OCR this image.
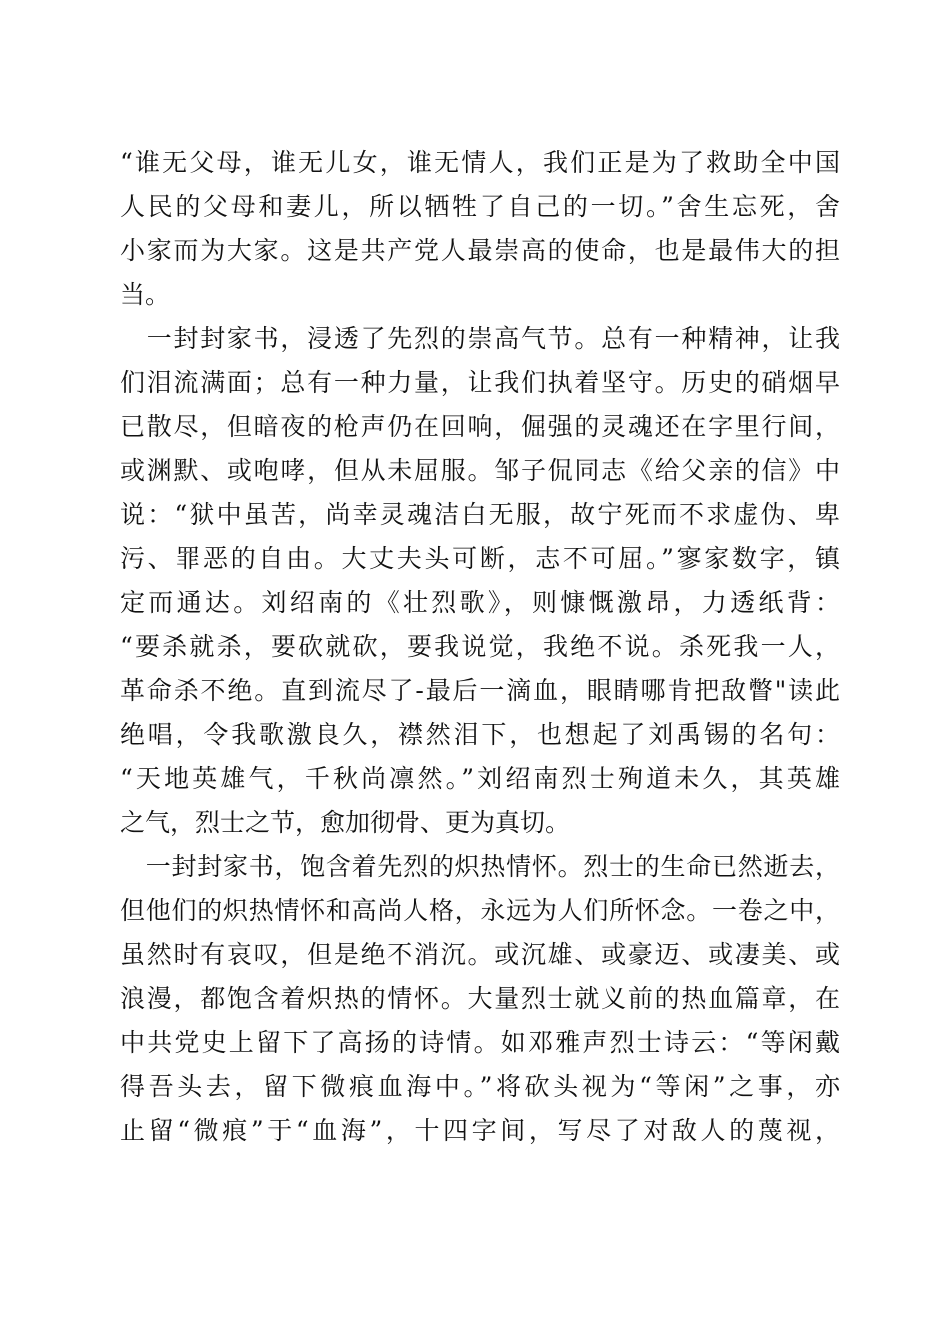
“谁无父母，谁无儿女，谁无情人，我们正是为了救助全中国
人民的父母和妻儿，所以牺牲了自己的一切。”舍生忘死，舍
小家而为大家。这是共产党人最崇高的使命，也是最伟大的担
当。
　一封封家书，浸透了先烈的崇高气节。总有一种精神，让我
们泪流满面；总有一种力量，让我们执着坚守。历史的硝烟早
已散尽，但暗夜的枪声仍在回响，倔强的灵魂还在字里行间，
或渊默、或咆哮，但从未屈服。邹子侃同志《给父亲的信》中
说：“狱中虽苦，尚幸灵魂洁白无服，故宁死而不求虚伪、卑
污、罪恶的自由。大丈夫头可断，志不可屈。”寥家数字，镇
定而通达。刘绍南的《壮烈歌》，则慷慨激昂，力透纸背：
“要杀就杀，要砍就砍，要我说觉，我绝不说。杀死我一人，
革命杀不绝。直到流尽了-最后一滴血，眼睛哪肯把敌瞥"读此
绝唱，令我歌激良久，襟然泪下，也想起了刘禹锡的名句：
“天地英雄气，千秋尚凛然。”刘绍南烈士殉道未久，其英雄
之气，烈士之节，愈加彻骨、更为真切。
　一封封家书，饱含着先烈的炽热情怀。烈士的生命已然逝去，
但他们的炽热情怀和高尚人格，永远为人们所怀念。一卷之中，
虽然时有哀叹，但是绝不消沉。或沉雄、或豪迈、或凄美、或
浪漫，都饱含着炽热的情怀。大量烈士就义前的热血篇章，在
中共党史上留下了高扬的诗情。如邓雅声烈士诗云：“等闲戴
得吾头去，留下微痕血海中。”将砍头视为“等闲”之事，亦
止留“微痕”于“血海”，十四字间，写尽了对敌人的蔑视，
